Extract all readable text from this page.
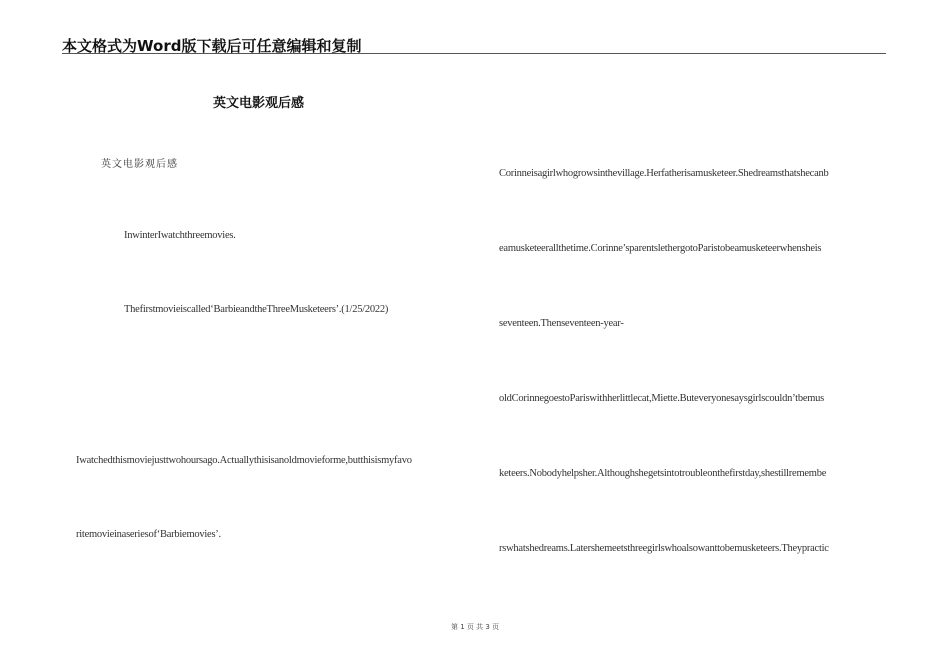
本文格式为Word版下载后可任意编辑和复制
英文电影观后感
英文电影观后感
InwinterIwatchthreemovies.
Thefirstmovieiscalled‘BarbieandtheThreeMusketeers’.(1/25/2022)
Iwatchedthismoviejusttwohoursago.Actuallythisisanoldmovieforme,butthisismyfavo
ritemovieinaseriesof‘Barbiemovies’.
Corinneisagirlwhogrowsinthevillage.Herfatherisamusketeer.Shedreamsthatshecanb
eamusketeerallthetime.Corinne’sparentslethergotoParistobeamusketeerwhensheis
seventeen.Thenseventeen-year-
oldCorinnegoestoPariswithherlittlecat,Miette.Buteveryonesaysgirlscouldn’tbemus
keteers.Nobodyhelpsher.Althoughshegetsintotroubleonthefirstday,shestillremembe
rswhatshedreams.Latershemeetsthreegirlswhoalsowanttobemusketeers.Theypractic
第 1 页 共 3 页
